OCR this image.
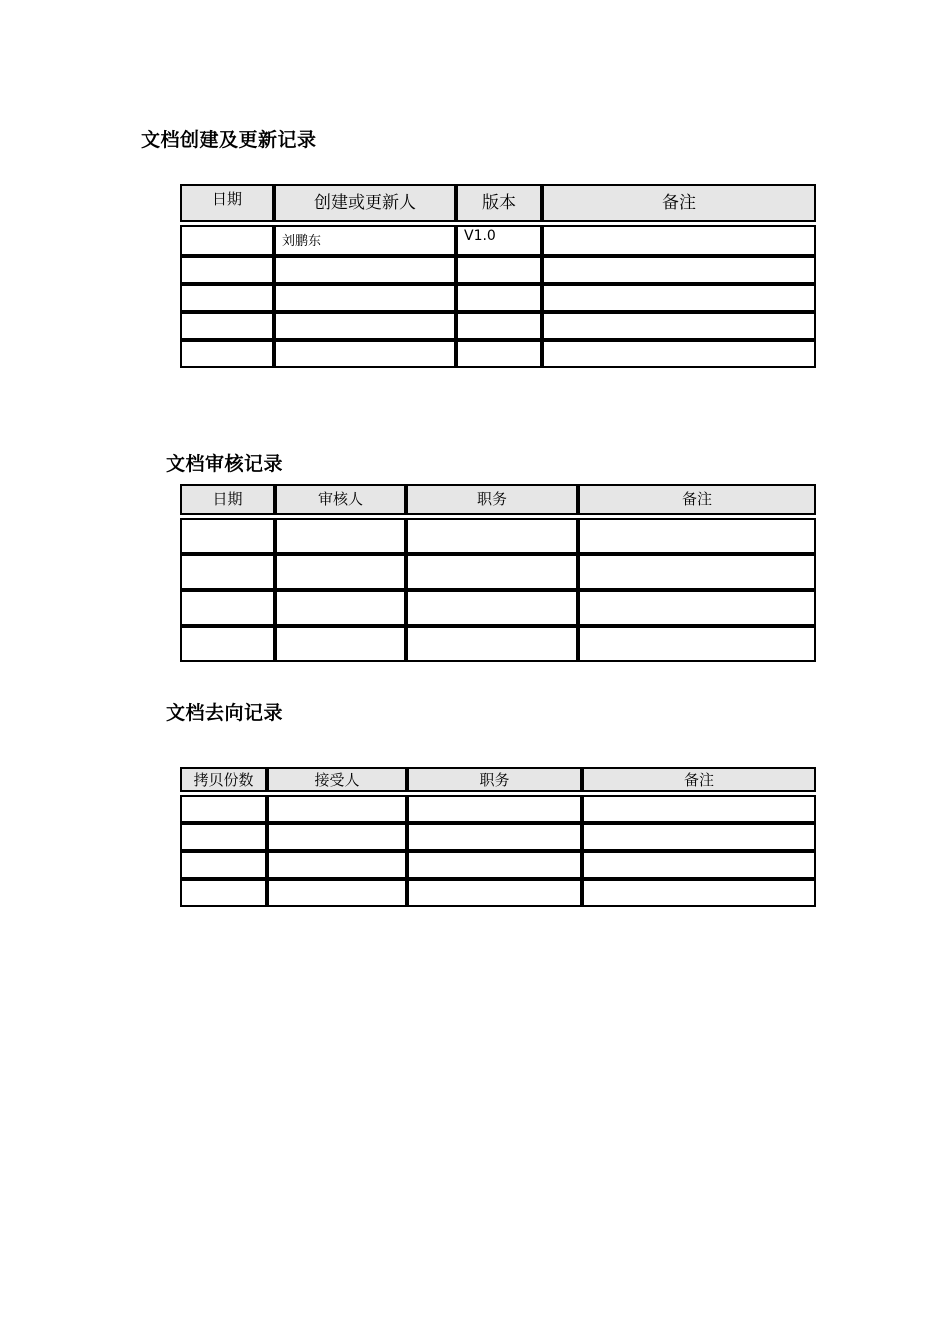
文档创建及更新记录
日期	创建或更新人	版本	备注

	刘鹏东	V1.0	

文档审核记录
日期	审核人	职务	备注

文档去向记录
拷贝份数	接受人	职务	备注
